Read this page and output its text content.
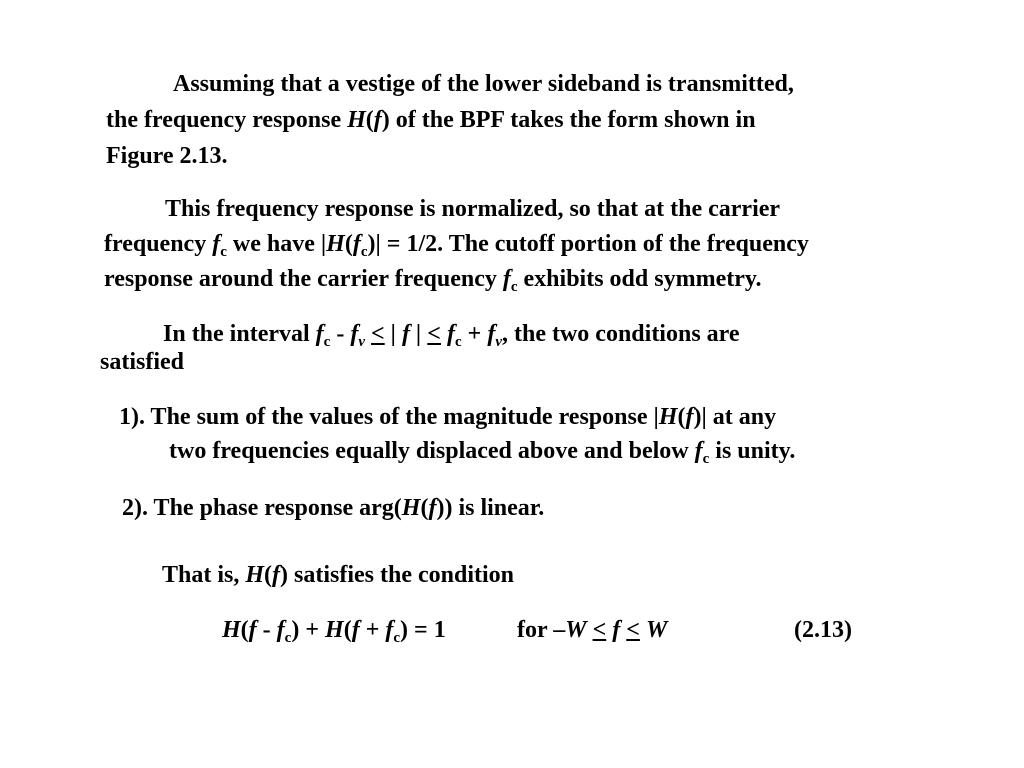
Assuming that a vestige of the lower sideband is transmitted,
the frequency response H(f) of the BPF takes the form shown in
Figure 2.13.
This frequency response is normalized, so that at the carrier
frequency $f_c$ we have $|H(f_c)| = 1/2$. The cutoff portion of the frequency
response around the carrier frequency $f_c$ exhibits odd symmetry.
In the interval $f_c - f_v$ < | f | < $f_c + f_v$, the two conditions are
satisfied
1). The sum of the values of the magnitude response |H(f)| at any
two frequencies equally displaced above and below $f_c$ is unity.
2). The phase response arg(H(f)) is linear.
That is, H(f) satisfies the condition
$H(f - f_c) + H(f + f_c) = 1$	for –W ≤ f ≤ W	(2.13)
